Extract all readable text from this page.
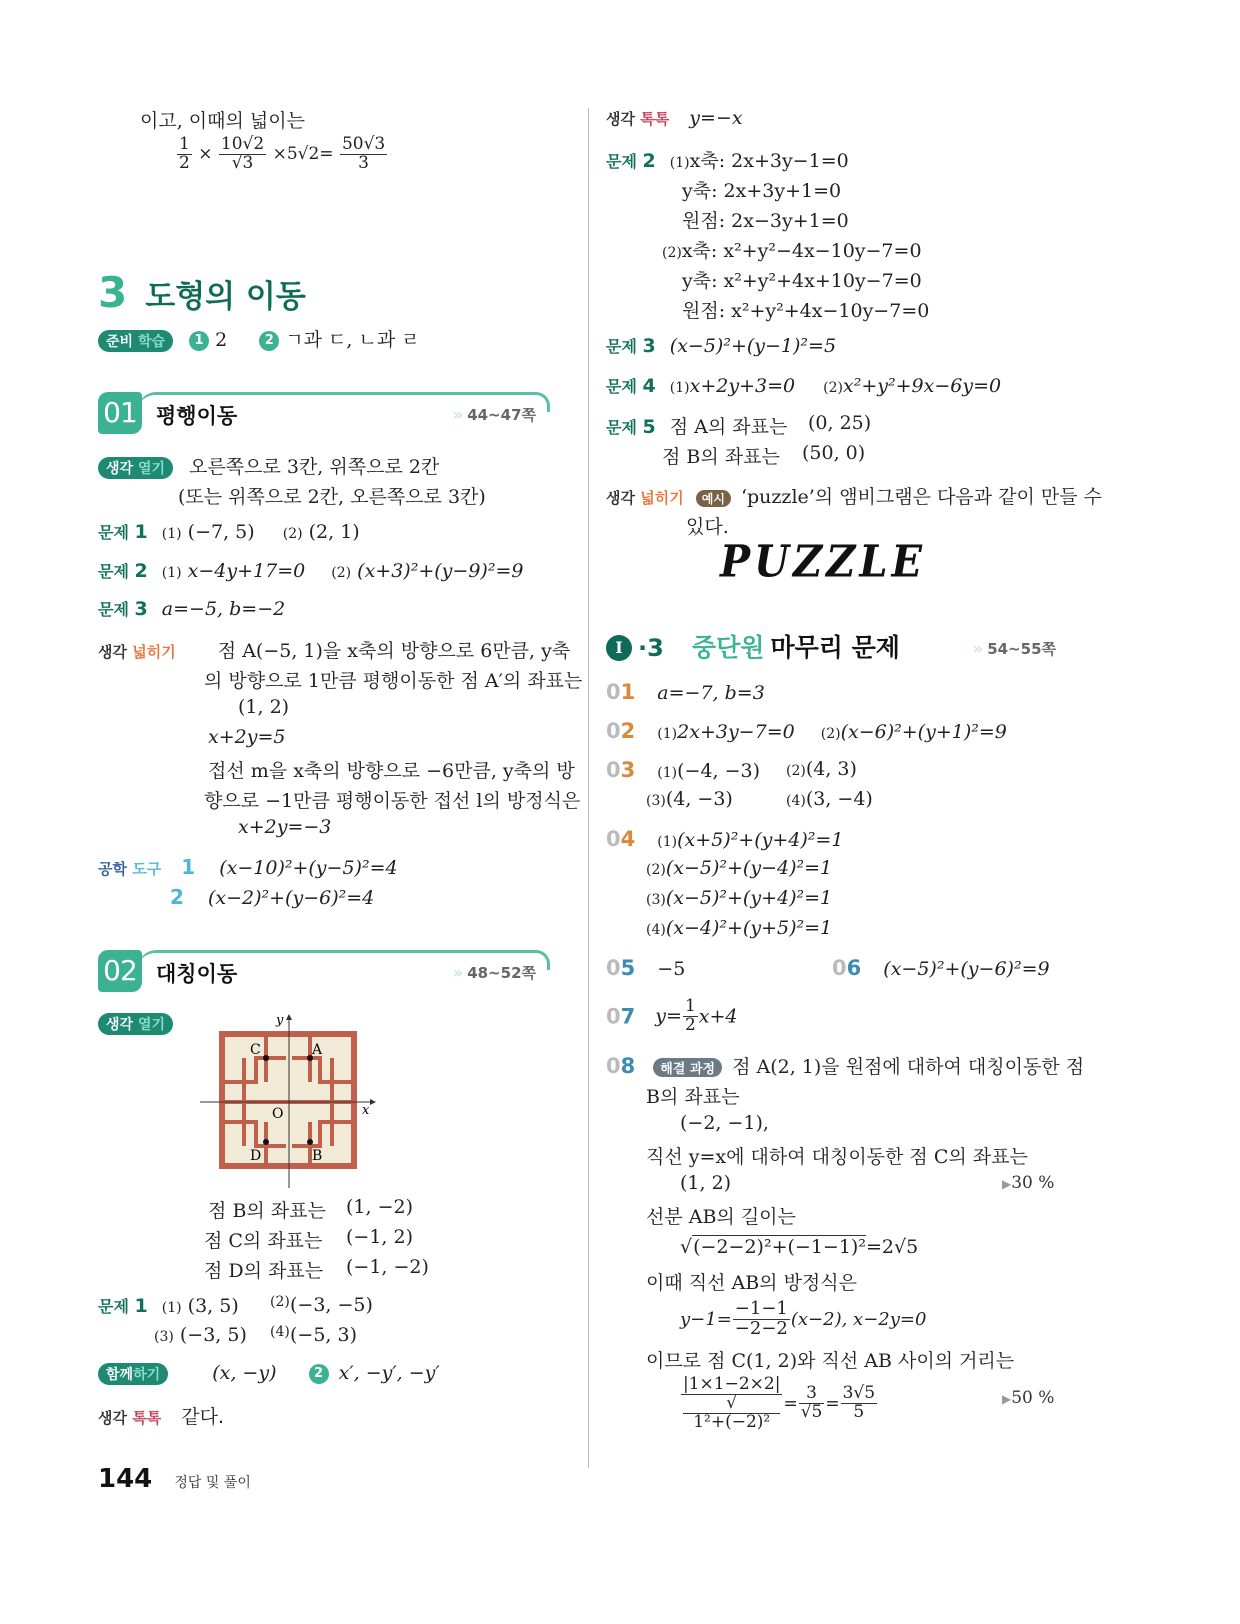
이고, 이때의 넓이는
$\frac{1}{2} \times \frac{10√2}{√3} \times 5√2= \frac{50√3}{3}$
3 도형의 이동
준비 학습 1 2	2 ㄱ과 ㄷ, ㄴ과 ㄹ
01 평행이동	» 44~47쪽
생각 열기 오른쪽으로 3칸, 위쪽으로 2칸
(또는 위쪽으로 2칸, 오른쪽으로 3칸)
문제 1 (1) (−7, 5) (2) (2, 1)
문제 2 (1) x−4y+17=0 (2) (x+3)²+(y−9)²=9
문제 3 a=−5, b=−2
생각 넓히기 1 점 A(−5, 1)을 x축의 방향으로 6만큼, y축
의 방향으로 1만큼 평행이동한 점 A′의 좌표는
(1, 2)
2 x+2y=5
3 접선 m을 x축의 방향으로 −6만큼, y축의 방
향으로 −1만큼 평행이동한 접선 l의 방정식은
x+2y=−3
공학 도구 1 (x−10)²+(y−5)²=4
2 (x−2)²+(y−6)²=4
02 대칭이동	» 48~52쪽
생각 열기 1
C	A
D	B
O	x
y
2 점 B의 좌표는 (1, −2)
점 C의 좌표는 (−1, 2)
점 D의 좌표는 (−1, −2)
문제 1 (1) (3, 5) (2) (−3, −5)
(3) (−3, 5) (4) (−5, 3)
함께하기 1 (x, −y)	2 x′, −y′, −y′
생각 톡톡 같다.
144 정답 및 풀이
생각 톡톡 y=−x
문제 2 (1)x축: 2x+3y−1=0
y축: 2x+3y+1=0
원점: 2x−3y+1=0
(2)x축: x²+y²−4x−10y−7=0
y축: x²+y²+4x+10y−7=0
원점: x²+y²+4x−10y−7=0
문제 3 (x−5)²+(y−1)²=5
문제 4 (1)x+2y+3=0 (2)x²+y²+9x−6y=0
문제 5 점 A의 좌표는 (0, 25)
점 B의 좌표는 (50, 0)
생각 넓히기 예시 ‘puzzle’의 앰비그램은 다음과 같이 만들 수
있다.
PUZZLE
I ·3 중단원 마무리 문제	» 54~55쪽
01 a=−7, b=3
02 (1)2x+3y−7=0 (2)(x−6)²+(y+1)²=9
03 (1)(−4, −3) (2)(4, 3)
(3)(4, −3)	(4)(3, −4)
04 (1)(x+5)²+(y+4)²=1
(2)(x−5)²+(y−4)²=1
(3)(x−5)²+(y+4)²=1
(4)(x−4)²+(y+5)²=1
05 −5	06 (x−5)²+(y−6)²=9
07 $y= \frac{1}{2} x+4$
08 해결 과정 점 A(2, 1)을 원점에 대하여 대칭이동한 점
B의 좌표는
(−2, −1),
직선 y=x에 대하여 대칭이동한 점 C의 좌표는
(1, 2)	▶30 %
선분 AB의 길이는
√(−2−2)²+(−1−1)²=2√5
이때 직선 AB의 방정식은
$y-1= \frac{-1-1}{-2-2} (x-2)$, x−2y=0
이므로 점 C(1, 2)와 직선 AB 사이의 거리는
|1×1−2×2|
√
$1^2+(-2)^2 = \frac{3}{√5} = \frac{3√5}{5}$	▶50 %
